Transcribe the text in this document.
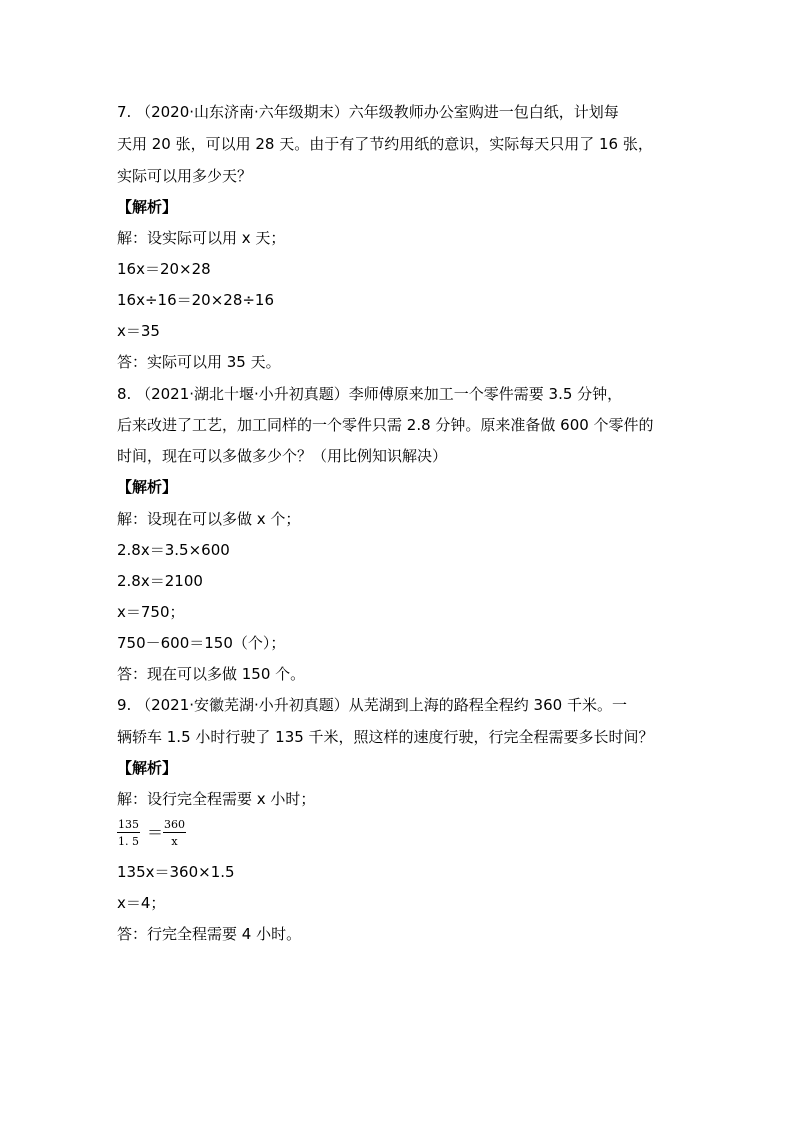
7. （2020·山东济南·六年级期末）六年级教师办公室购进一包白纸，计划每
天用 20 张，可以用 28 天。由于有了节约用纸的意识，实际每天只用了 16 张，
实际可以用多少天？
【解析】
解：设实际可以用 x 天；
16x＝20×28
16x÷16＝20×28÷16
x＝35
答：实际可以用 35 天。
8. （2021·湖北十堰·小升初真题）李师傅原来加工一个零件需要 3.5 分钟，
后来改进了工艺，加工同样的一个零件只需 2.8 分钟。原来准备做 600 个零件的
时间，现在可以多做多少个？（用比例知识解决）
【解析】
解：设现在可以多做 x 个；
2.8x＝3.5×600
2.8x＝2100
x＝750；
750－600＝150（个）；
答：现在可以多做 150 个。
9. （2021·安徽芜湖·小升初真题）从芜湖到上海的路程全程约 360 千米。一
辆轿车 1.5 小时行驶了 135 千米，照这样的速度行驶，行完全程需要多长时间？
【解析】
解：设行完全程需要 x 小时；
$\frac{135}{1. 5} = \frac{360}{x}$
135x＝360×1.5
x＝4；
答：行完全程需要 4 小时。
